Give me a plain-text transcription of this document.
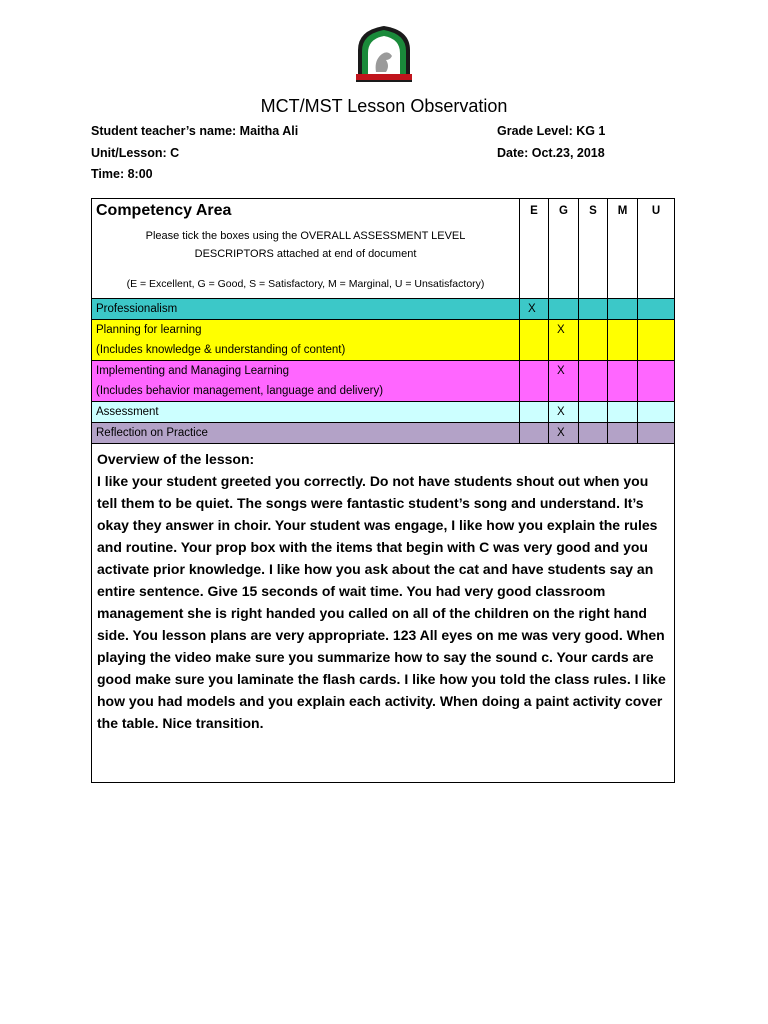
MCT/MST Lesson Observation
Student teacher’s name: Maitha Ali	Grade Level: KG 1
Unit/Lesson: C	Date: Oct.23, 2018
Time: 8:00
Competency Area
Please tick the boxes using the OVERALL ASSESSMENT LEVEL
DESCRIPTORS attached at end of document
(E = Excellent, G = Good, S = Satisfactory, M = Marginal, U = Unsatisfactory)	E	G	S	M	U

Professionalism	X				

Planning for learning
(Includes knowledge & understanding of content)		X			

Implementing and Managing Learning
(Includes behavior management, language and delivery)		X			

Assessment		X			

Reflection on Practice		X			

Overview of the lesson:
I like your student greeted you correctly. Do not have students shout out when you tell them to be quiet. The songs were fantastic student’s song and understand. It’s okay they answer in choir. Your student was engage, I like how you explain the rules and routine. Your prop box with the items that begin with C was very good and you activate prior knowledge. I like how you ask about the cat and have students say an entire sentence. Give 15 seconds of wait time. You had very good classroom management she is right handed you called on all of the children on the right hand side. You lesson plans are very appropriate. 123 All eyes on me was very good. When playing the video make sure you summarize how to say the sound c. Your cards are good make sure you laminate the flash cards. I like how you told the class rules. I like how you had models and you explain each activity. When doing a paint activity cover the table. Nice transition.					
